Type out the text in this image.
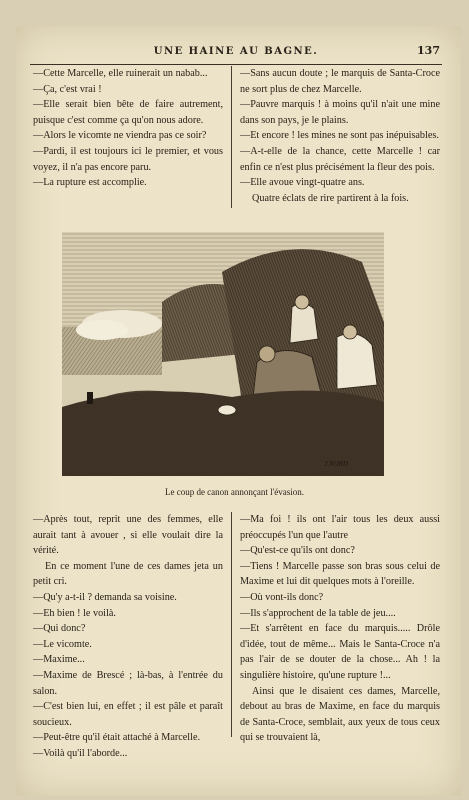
UNE HAINE AU BAGNE.	137

—Cette Marcelle, elle ruinerait un nabab...

—Ça, c'est vrai !

—Elle serait bien bête de faire autrement, puisque c'est comme ça qu'on nous adore.

—Alors le vicomte ne viendra pas ce soir?

—Pardi, il est toujours ici le premier, et vous voyez, il n'a pas encore paru.

—La rupture est accomplie.

—Sans aucun doute ; le marquis de Santa-Croce ne sort plus de chez Marcelle.

—Pauvre marquis ! à moins qu'il n'ait une mine dans son pays, je le plains.

—Et encore ! les mines ne sont pas inépuisables.

—A-t-elle de la chance, cette Marcelle ! car enfin ce n'est plus précisément la fleur des pois.

—Elle avoue vingt-quatre ans.

Quatre éclats de rire partirent à la fois.

J.NORD
Le coup de canon annonçant l'évasion.

—Après tout, reprit une des femmes, elle aurait tant à avouer , si elle voulait dire la vérité.

En ce moment l'une de ces dames jeta un petit cri.

—Qu'y a-t-il ? demanda sa voisine.

—Eh bien ! le voilà.

—Qui donc?

—Le vicomte.

—Maxime...

—Maxime de Brescé ; là-bas, à l'entrée du salon.

—C'est bien lui, en effet ; il est pâle et paraît soucieux.

—Peut-être qu'il était attaché à Marcelle.

—Voilà qu'il l'aborde...

—Ma foi ! ils ont l'air tous les deux aussi préoccupés l'un que l'autre

—Qu'est-ce qu'ils ont donc?

—Tiens ! Marcelle passe son bras sous celui de Maxime et lui dit quelques mots à l'oreille.

—Où vont-ils donc?

—Ils s'approchent de la table de jeu....

—Et s'arrêtent en face du marquis..... Drôle d'idée, tout de même... Mais le Santa-Croce n'a pas l'air de se douter de la chose... Ah ! la singulière histoire, qu'une rupture !...

Ainsi que le disaient ces dames, Marcelle, debout au bras de Maxime, en face du marquis de Santa-Croce, semblait, aux yeux de tous ceux qui se trouvaient là,
